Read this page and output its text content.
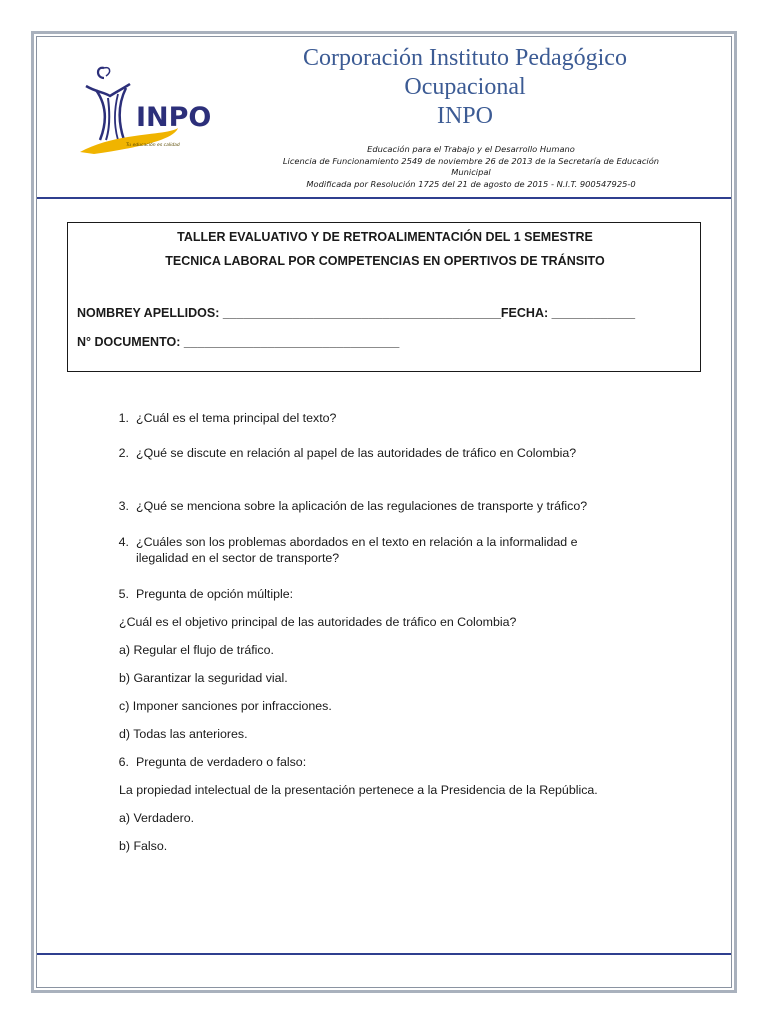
Tu educación es calidad
INPO
Corporación Instituto Pedagógico
Ocupacional
INPO
Educación para el Trabajo y el Desarrollo Humano
Licencia de Funcionamiento 2549 de noviembre 26 de 2013 de la Secretaría de Educación
Municipal
Modificada por Resolución 1725 del 21 de agosto de 2015 - N.I.T. 900547925-0
TALLER EVALUATIVO Y DE RETROALIMENTACIÓN DEL 1 SEMESTRE
TECNICA LABORAL POR COMPETENCIAS EN OPERTIVOS DE TRÁNSITO
NOMBREY APELLIDOS: ________________________________________FECHA: ____________
N° DOCUMENTO: _______________________________
1. ¿Cuál es el tema principal del texto?
2. ¿Qué se discute en relación al papel de las autoridades de tráfico en Colombia?
3. ¿Qué se menciona sobre la aplicación de las regulaciones de transporte y tráfico?
4. ¿Cuáles son los problemas abordados en el texto en relación a la informalidad e
ilegalidad en el sector de transporte?
5. Pregunta de opción múltiple:
¿Cuál es el objetivo principal de las autoridades de tráfico en Colombia?
a) Regular el flujo de tráfico.
b) Garantizar la seguridad vial.
c) Imponer sanciones por infracciones.
d) Todas las anteriores.
6. Pregunta de verdadero o falso:
La propiedad intelectual de la presentación pertenece a la Presidencia de la República.
a) Verdadero.
b) Falso.
